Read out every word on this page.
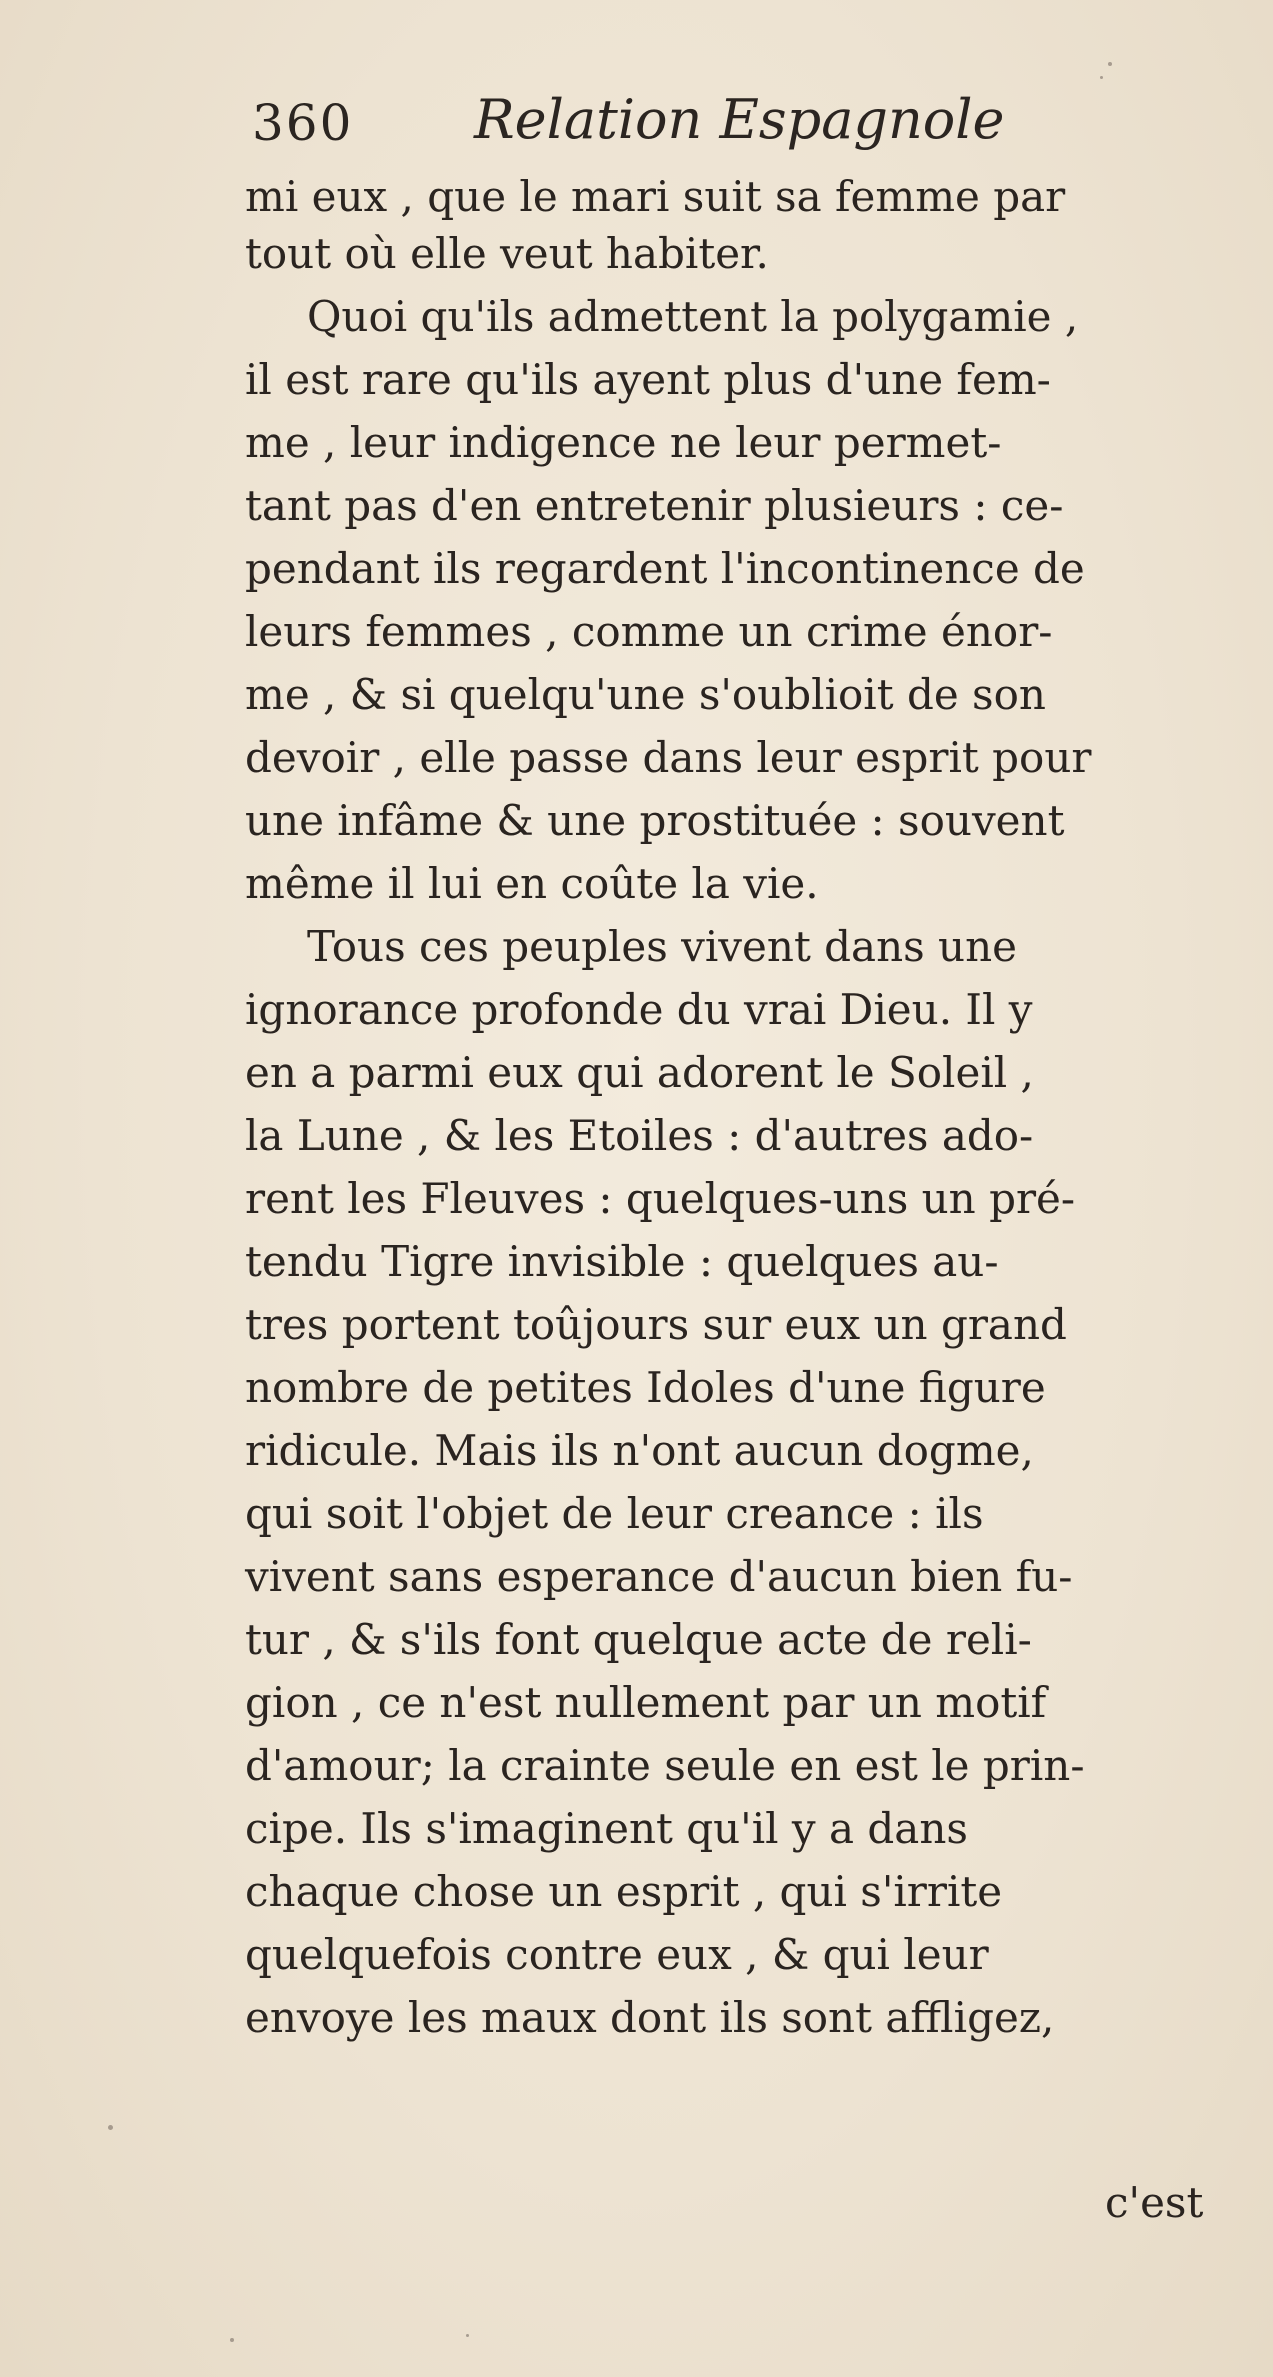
360 Relation Espagnole
mi eux , que le mari suit sa femme par
tout où elle veut habiter.
Quoi qu'ils admettent la polygamie ,
il est rare qu'ils ayent plus d'une fem-
me , leur indigence ne leur permet-
tant pas d'en entretenir plusieurs : ce-
pendant ils regardent l'incontinence de
leurs femmes , comme un crime énor-
me , & si quelqu'une s'oublioit de son
devoir , elle passe dans leur esprit pour
une infâme & une prostituée : souvent
même il lui en coûte la vie.
Tous ces peuples vivent dans une
ignorance profonde du vrai Dieu. Il y
en a parmi eux qui adorent le Soleil ,
la Lune , & les Etoiles : d'autres ado-
rent les Fleuves : quelques-uns un pré-
tendu Tigre invisible : quelques au-
tres portent toûjours sur eux un grand
nombre de petites Idoles d'une figure
ridicule. Mais ils n'ont aucun dogme,
qui soit l'objet de leur creance : ils
vivent sans esperance d'aucun bien fu-
tur , & s'ils font quelque acte de reli-
gion , ce n'est nullement par un motif
d'amour; la crainte seule en est le prin-
cipe. Ils s'imaginent qu'il y a dans
chaque chose un esprit , qui s'irrite
quelquefois contre eux , & qui leur
envoye les maux dont ils sont affligez,
c'est
